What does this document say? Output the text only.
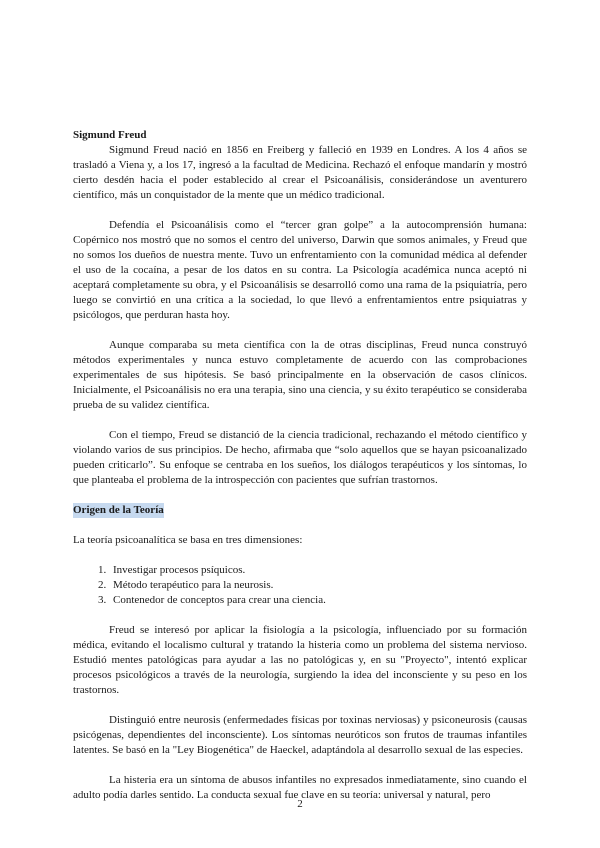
Sigmund Freud

Sigmund Freud nació en 1856 en Freiberg y falleció en 1939 en Londres. A los 4 años se trasladó a Viena y, a los 17, ingresó a la facultad de Medicina. Rechazó el enfoque mandarín y mostró cierto desdén hacia el poder establecido al crear el Psicoanálisis, considerándose un aventurero científico, más un conquistador de la mente que un médico tradicional.

Defendía el Psicoanálisis como el “tercer gran golpe” a la autocomprensión humana: Copérnico nos mostró que no somos el centro del universo, Darwin que somos animales, y Freud que no somos los dueños de nuestra mente. Tuvo un enfrentamiento con la comunidad médica al defender el uso de la cocaína, a pesar de los datos en su contra. La Psicología académica nunca aceptó ni aceptará completamente su obra, y el Psicoanálisis se desarrolló como una rama de la psiquiatría, pero luego se convirtió en una crítica a la sociedad, lo que llevó a enfrentamientos entre psiquiatras y psicólogos, que perduran hasta hoy.

Aunque comparaba su meta científica con la de otras disciplinas, Freud nunca construyó métodos experimentales y nunca estuvo completamente de acuerdo con las comprobaciones experimentales de sus hipótesis. Se basó principalmente en la observación de casos clínicos. Inicialmente, el Psicoanálisis no era una terapia, sino una ciencia, y su éxito terapéutico se consideraba prueba de su validez científica.

Con el tiempo, Freud se distanció de la ciencia tradicional, rechazando el método científico y violando varios de sus principios. De hecho, afirmaba que “solo aquellos que se hayan psicoanalizado pueden criticarlo”. Su enfoque se centraba en los sueños, los diálogos terapéuticos y los síntomas, lo que planteaba el problema de la introspección con pacientes que sufrían trastornos.

Origen de la Teoría

La teoría psicoanalítica se basa en tres dimensiones:

1. Investigar procesos psíquicos.
2. Método terapéutico para la neurosis.
3. Contenedor de conceptos para crear una ciencia.

Freud se interesó por aplicar la fisiología a la psicología, influenciado por su formación médica, evitando el localismo cultural y tratando la histeria como un problema del sistema nervioso. Estudió mentes patológicas para ayudar a las no patológicas y, en su "Proyecto", intentó explicar procesos psicológicos a través de la neurología, surgiendo la idea del inconsciente y su peso en los trastornos.

Distinguió entre neurosis (enfermedades físicas por toxinas nerviosas) y psiconeurosis (causas psicógenas, dependientes del inconsciente). Los síntomas neuróticos son frutos de traumas infantiles latentes. Se basó en la "Ley Biogenética" de Haeckel, adaptándola al desarrollo sexual de las especies.

La histeria era un síntoma de abusos infantiles no expresados inmediatamente, sino cuando el adulto podía darles sentido. La conducta sexual fue clave en su teoría: universal y natural, pero

2
